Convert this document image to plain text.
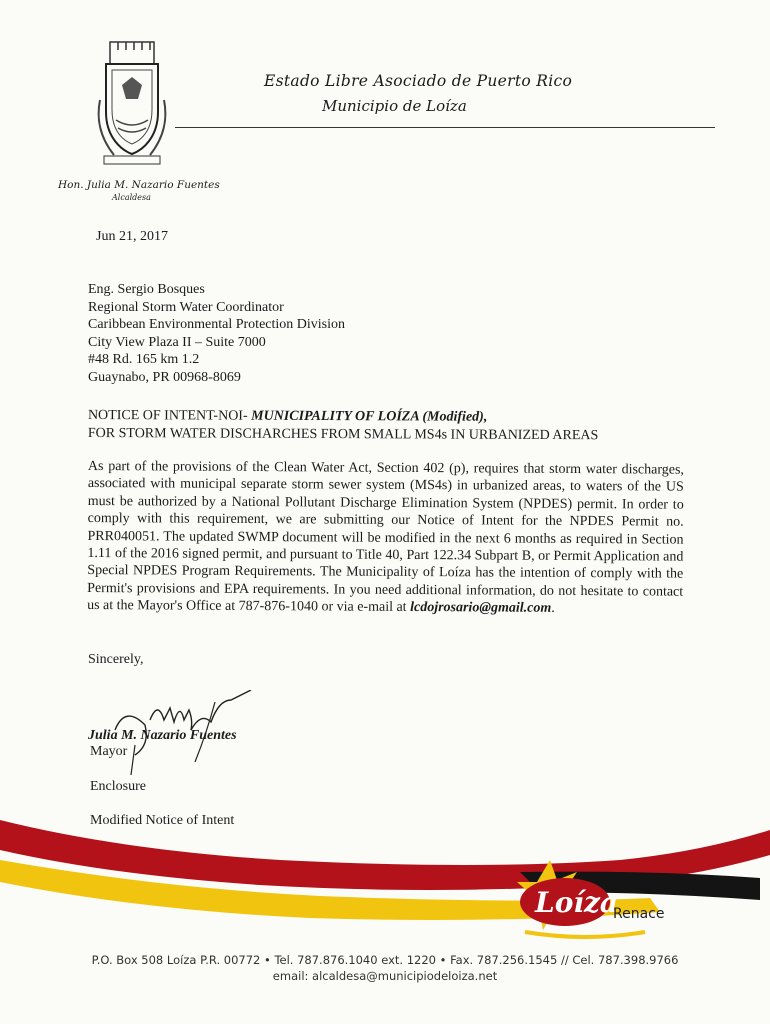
Estado Libre Asociado de Puerto Rico
Municipio de Loíza
Hon. Julia M. Nazario Fuentes
Alcaldesa
Jun 21, 2017
Eng. Sergio Bosques
Regional Storm Water Coordinator
Caribbean Environmental Protection Division
City View Plaza II – Suite 7000
#48 Rd. 165 km 1.2
Guaynabo, PR 00968-8069
NOTICE OF INTENT-NOI- MUNICIPALITY OF LOÍZA (Modified),
FOR STORM WATER DISCHARCHES FROM SMALL MS4s IN URBANIZED AREAS
As part of the provisions of the Clean Water Act, Section 402 (p), requires that storm water discharges, associated with municipal separate storm sewer system (MS4s) in urbanized areas, to waters of the US must be authorized by a National Pollutant Discharge Elimination System (NPDES) permit. In order to comply with this requirement, we are submitting our Notice of Intent for the NPDES Permit no. PRR040051. The updated SWMP document will be modified in the next 6 months as required in Section 1.11 of the 2016 signed permit, and pursuant to Title 40, Part 122.34 Subpart B, or Permit Application and Special NPDES Program Requirements. The Municipality of Loíza has the intention of comply with the Permit's provisions and EPA requirements. In you need additional information, do not hesitate to contact us at the Mayor's Office at 787-876-1040 or via e-mail at lcdojrosario@gmail.com.
Sincerely,
Julia M. Nazario Fuentes
Mayor
Enclosure
Modified Notice of Intent
Loíza
Renace
P.O. Box 508 Loíza P.R. 00772 • Tel. 787.876.1040 ext. 1220 • Fax. 787.256.1545 // Cel. 787.398.9766
email: alcaldesa@municipiodeloiza.net
